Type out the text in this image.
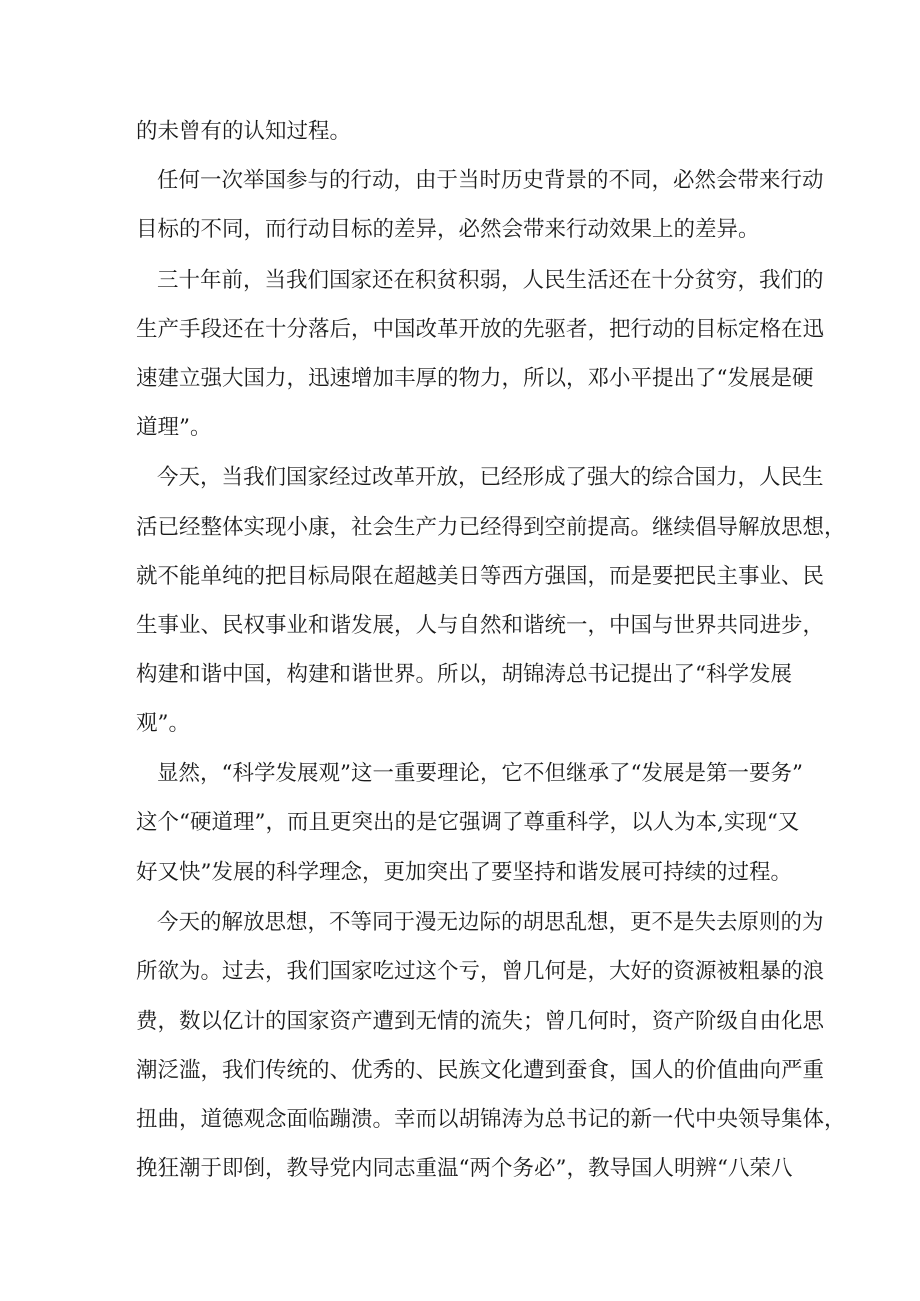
的未曾有的认知过程。

任何一次举国参与的行动，由于当时历史背景的不同，必然会带来行动

目标的不同，而行动目标的差异，必然会带来行动效果上的差异。

三十年前，当我们国家还在积贫积弱，人民生活还在十分贫穷，我们的

生产手段还在十分落后，中国改革开放的先驱者，把行动的目标定格在迅

速建立强大国力，迅速增加丰厚的物力，所以，邓小平提出了“发展是硬

道理”。

今天，当我们国家经过改革开放，已经形成了强大的综合国力，人民生

活已经整体实现小康，社会生产力已经得到空前提高。继续倡导解放思想，

就不能单纯的把目标局限在超越美日等西方强国，而是要把民主事业、民

生事业、民权事业和谐发展，人与自然和谐统一，中国与世界共同进步，

构建和谐中国，构建和谐世界。所以，胡锦涛总书记提出了“科学发展

观”。

显然，“科学发展观”这一重要理论，它不但继承了“发展是第一要务”

这个“硬道理”，而且更突出的是它强调了尊重科学，以人为本,实现“又

好又快”发展的科学理念，更加突出了要坚持和谐发展可持续的过程。

今天的解放思想，不等同于漫无边际的胡思乱想，更不是失去原则的为

所欲为。过去，我们国家吃过这个亏，曾几何是，大好的资源被粗暴的浪

费，数以亿计的国家资产遭到无情的流失；曾几何时，资产阶级自由化思

潮泛滥，我们传统的、优秀的、民族文化遭到蚕食，国人的价值曲向严重

扭曲，道德观念面临蹦溃。幸而以胡锦涛为总书记的新一代中央领导集体，

挽狂潮于即倒，教导党内同志重温“两个务必”，教导国人明辨“八荣八
